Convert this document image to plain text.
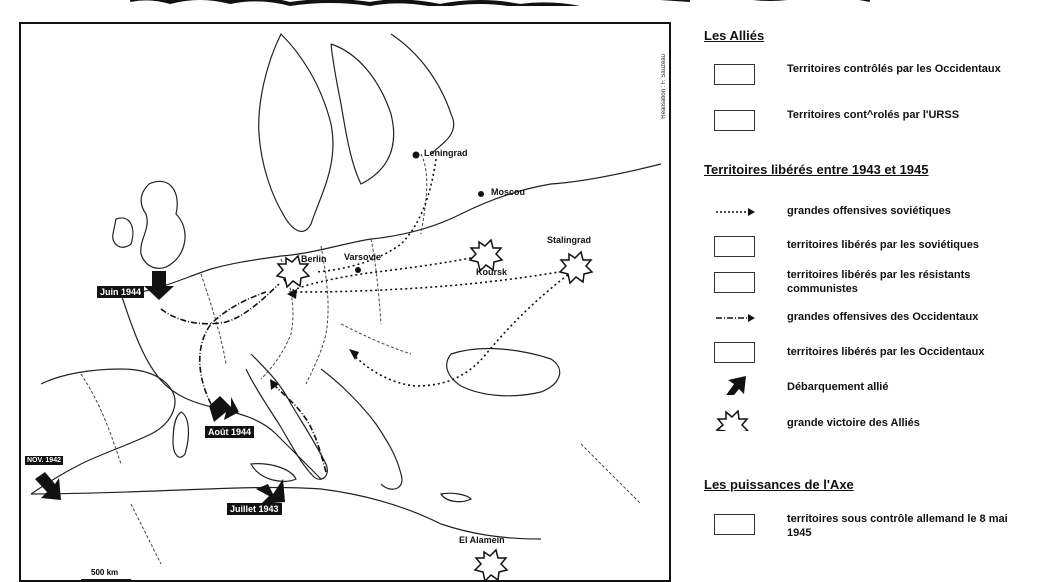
Réalisation : F. Sauzeau
Leningrad
Moscou
Berlin Varsovie
Koursk
Stalingrad
El Alamein
Juin 1944
Août 1944
NOV. 1942
Juillet 1943
500 km
Les Alliés
Territoires contrôlés par les Occidentaux
Territoires cont^rolés par l'URSS
Territoires libérés entre 1943 et 1945
grandes offensives soviétiques
territoires libérés par les soviétiques
territoires libérés par les résistants communistes
grandes offensives des Occidentaux
territoires libérés par les Occidentaux
Débarquement allié
grande victoire des Alliés
Les puissances de l'Axe
territoires sous contrôle allemand le 8 mai 1945
